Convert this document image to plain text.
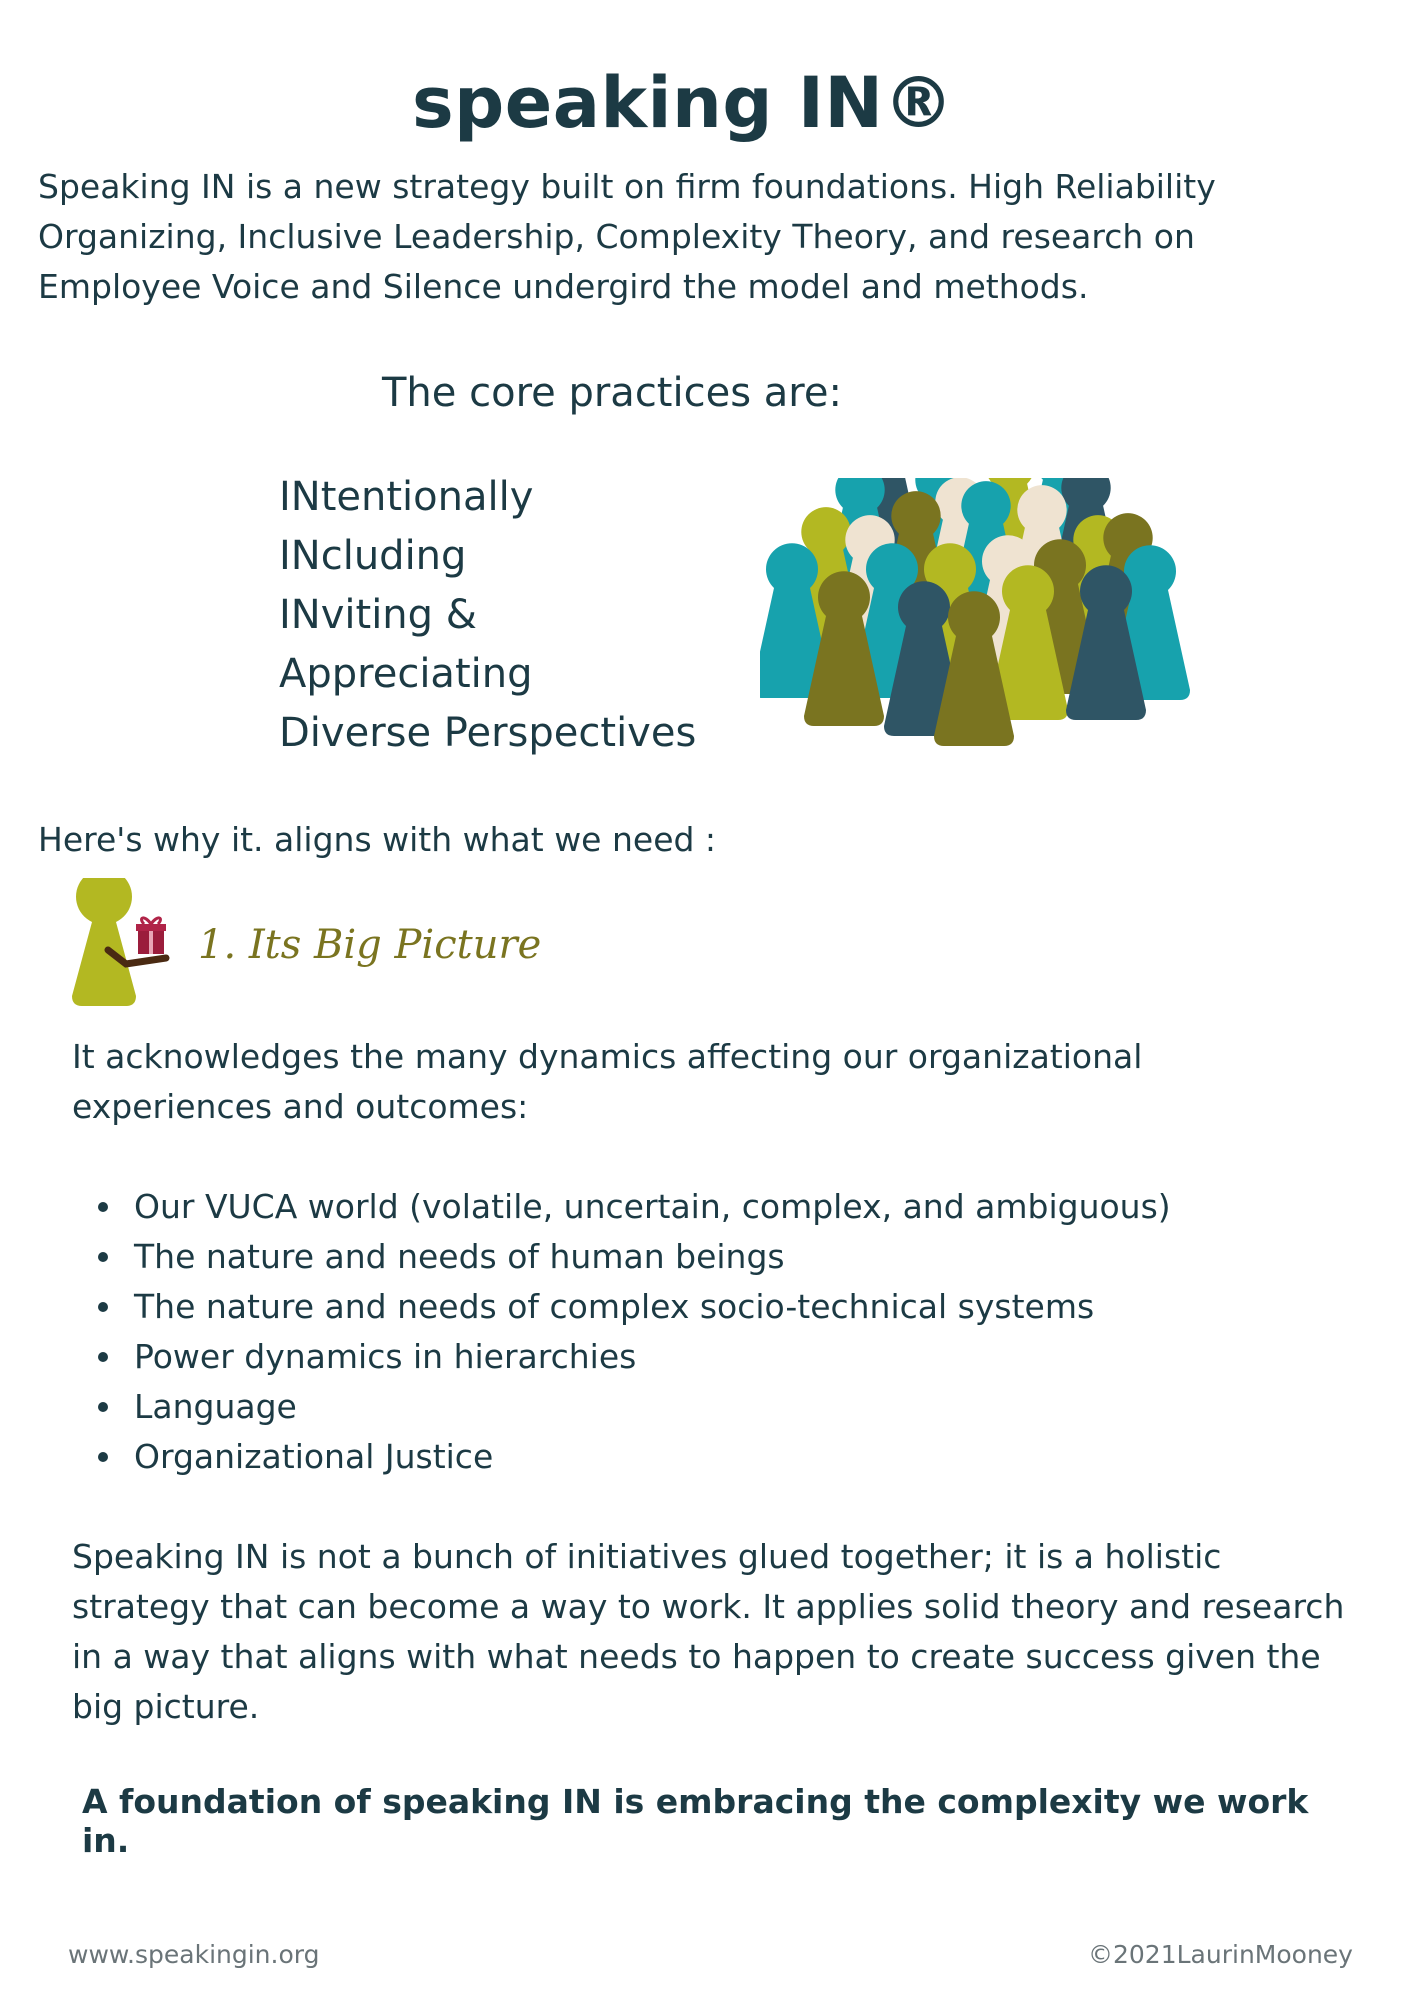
speaking IN®

Speaking IN is a new strategy built on firm foundations. High Reliability Organizing, Inclusive Leadership, Complexity Theory, and research on Employee Voice and Silence undergird the model and methods.

The core practices are:

INtentionally
INcluding
INviting &
Appreciating
Diverse Perspectives

Here's why it. aligns with what we need :

1. Its Big Picture

It acknowledges the many dynamics affecting our organizational experiences and outcomes:

Our VUCA world (volatile, uncertain, complex, and ambiguous)
The nature and needs of human beings
The nature and needs of complex socio-technical systems
Power dynamics in hierarchies
Language
Organizational Justice

Speaking IN is not a bunch of initiatives glued together; it is a holistic strategy that can become a way to work. It applies solid theory and research in a way that aligns with what needs to happen to create success given the big picture.

A foundation of speaking IN is embracing the complexity we work in.

www.speakingin.org	©2021LaurinMooney
